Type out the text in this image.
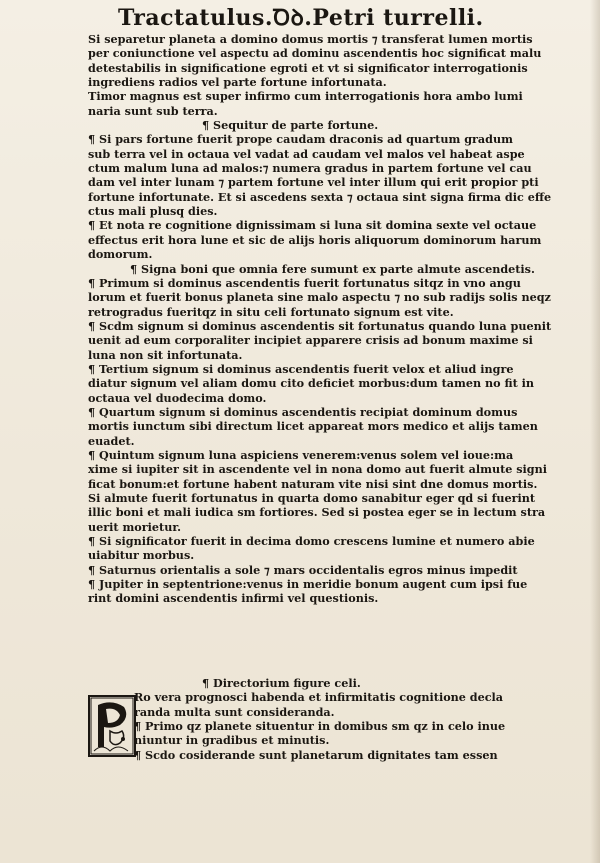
Tractatulus.Ꝺꝺ.Petri turrelli.
Si separetur planeta a domino domus mortis ⁊ transferat lumen mortis
per coniunctione vel aspectu ad dominu ascendentis hoc significat malu
detestabilis in significatione egroti et vt si significator interrogationis
ingrediens radios vel parte fortune infortunata.
Timor magnus est super infirmo cum interrogationis hora ambo lumi
naria sunt sub terra.
¶ Sequitur de parte fortune.
¶ Si pars fortune fuerit prope caudam draconis ad quartum gradum
sub terra vel in octaua vel vadat ad caudam vel malos vel habeat aspe
ctum malum luna ad malos:⁊ numera gradus in partem fortune vel cau
dam vel inter lunam ⁊ partem fortune vel inter illum qui erit propior pti
fortune infortunate. Et si ascedens sexta ⁊ octaua sint signa firma dic effe
ctus mali plusq dies.
¶ Et nota re cognitione dignissimam si luna sit domina sexte vel octaue
effectus erit hora lune et sic de alijs horis aliquorum dominorum harum
domorum.
¶ Signa boni que omnia fere sumunt ex parte almute ascendetis.
¶ Primum si dominus ascendentis fuerit fortunatus sitqz in vno angu
lorum et fuerit bonus planeta sine malo aspectu ⁊ no sub radijs solis neqz
retrogradus fueritqz in situ celi fortunato signum est vite.
¶ Scdm signum si dominus ascendentis sit fortunatus quando luna puenit
uenit ad eum corporaliter incipiet apparere crisis ad bonum maxime si
luna non sit infortunata.
¶ Tertium signum si dominus ascendentis fuerit velox et aliud ingre
diatur signum vel aliam domu cito deficiet morbus:dum tamen no fit in
octaua vel duodecima domo.
¶ Quartum signum si dominus ascendentis recipiat dominum domus
mortis iunctum sibi directum licet appareat mors medico et alijs tamen
euadet.
¶ Quintum signum luna aspiciens venerem:venus solem vel ioue:ma
xime si iupiter sit in ascendente vel in nona domo aut fuerit almute signi
ficat bonum:et fortune habent naturam vite nisi sint dne domus mortis.
Si almute fuerit fortunatus in quarta domo sanabitur eger qd si fuerint
illic boni et mali iudica sm fortiores. Sed si postea eger se in lectum stra
uerit morietur.
¶ Si significator fuerit in decima domo crescens lumine et numero abie
uiabitur morbus.
¶ Saturnus orientalis a sole ⁊ mars occidentalis egros minus impedit
¶ Jupiter in septentrione:venus in meridie bonum augent cum ipsi fue
rint domini ascendentis infirmi vel questionis.
¶ Directorium figure celi.
Ro vera prognosci habenda et infirmitatis cognitione decla
randa multa sunt consideranda.
¶ Primo qz planete situentur in domibus sm qz in celo inue
niuntur in gradibus et minutis.
¶ Scdo cosiderande sunt planetarum dignitates tam essen
